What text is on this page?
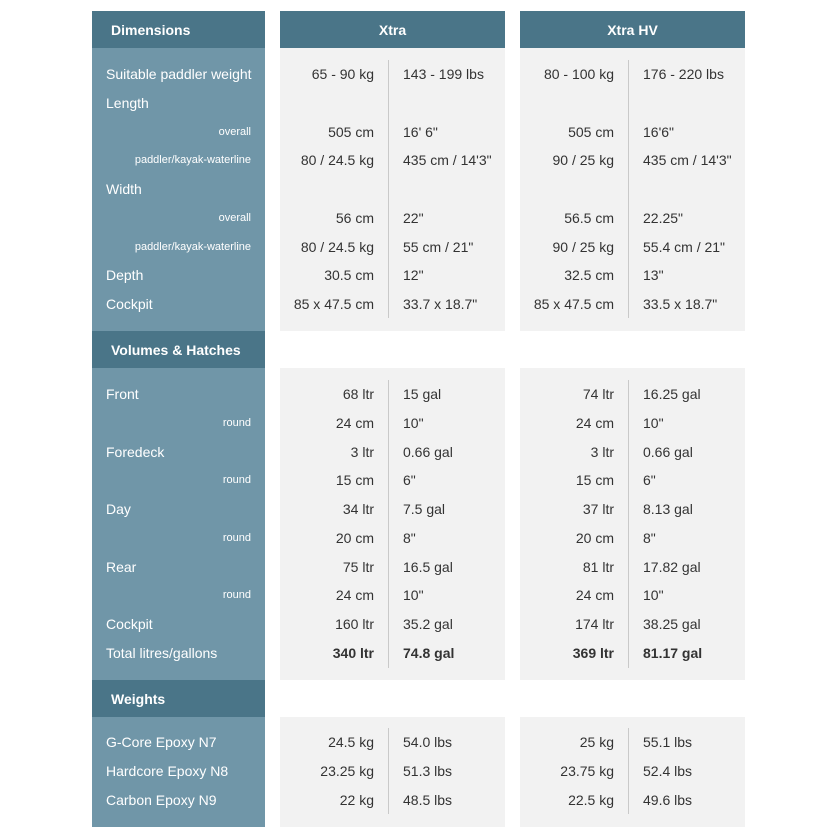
Dimensions
Volumes & Hatches
Weights
Xtra	Xtra HV
Suitable paddler weight	65 - 90 kg 143 - 199 lbs	80 - 100 kg 176 - 220 lbs
Length
overall	505 cm 16' 6"	505 cm 16'6"
paddler/kayak-waterline	80 / 24.5 kg 435 cm / 14'3"	90 / 25 kg 435 cm / 14'3"
Width
overall	56 cm 22"	56.5 cm 22.25"
paddler/kayak-waterline	80 / 24.5 kg 55 cm / 21"	90 / 25 kg 55.4 cm / 21"
Depth	30.5 cm 12"	32.5 cm 13"
Cockpit	85 x 47.5 cm 33.7 x 18.7"	85 x 47.5 cm 33.5 x 18.7"
Front	68 ltr 15 gal	74 ltr 16.25 gal
round	24 cm 10"	24 cm 10"
Foredeck	3 ltr 0.66 gal	3 ltr 0.66 gal
round	15 cm 6"	15 cm 6"
Day	34 ltr 7.5 gal	37 ltr 8.13 gal
round	20 cm 8"	20 cm 8"
Rear	75 ltr 16.5 gal	81 ltr 17.82 gal
round	24 cm 10"	24 cm 10"
Cockpit	160 ltr 35.2 gal	174 ltr 38.25 gal
Total litres/gallons	340 ltr 74.8 gal	369 ltr 81.17 gal
G-Core Epoxy N7	24.5 kg 54.0 lbs	25 kg 55.1 lbs
Hardcore Epoxy N8	23.25 kg 51.3 lbs	23.75 kg 52.4 lbs
Carbon Epoxy N9	22 kg 48.5 lbs	22.5 kg 49.6 lbs
